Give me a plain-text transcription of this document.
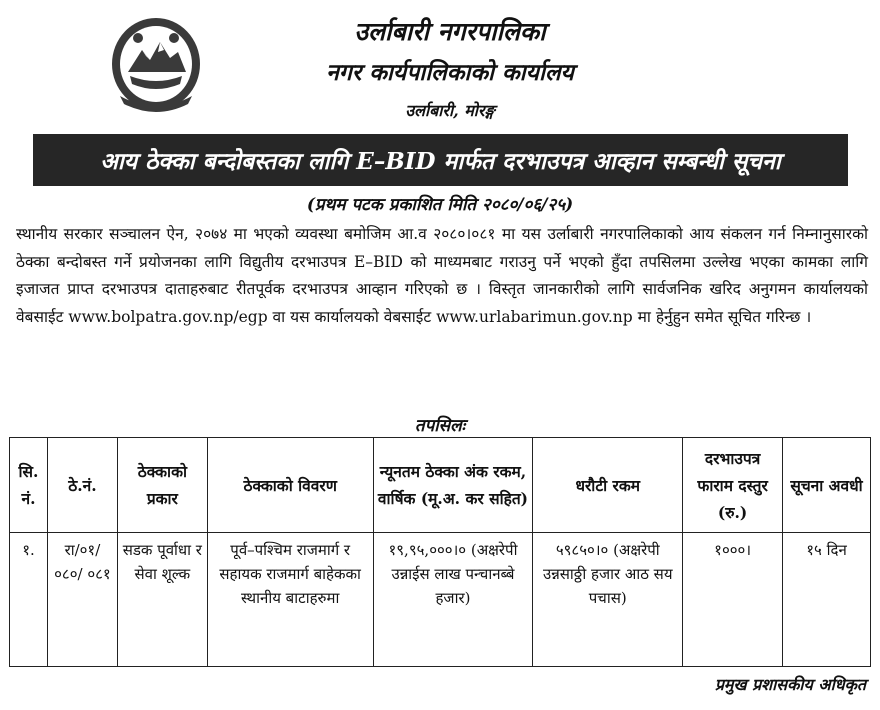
उर्लाबारी नगरपालिका
नगर कार्यपालिकाको कार्यालय
उर्लाबारी, मोरङ्ग
आय ठेक्का बन्दोबस्तका लागि E–BID मार्फत दरभाउपत्र आव्हान सम्बन्धी सूचना
(प्रथम पटक प्रकाशित मिति २०८०/०६/२५)

स्थानीय सरकार सञ्चालन ऐन, २०७४ मा भएको व्यवस्था बमोजिम आ.व २०८०।०८१ मा यस उर्लाबारी नगरपालिकाको आय संकलन गर्न निम्नानुसारको ठेक्का बन्दोबस्त गर्ने प्रयोजनका लागि विद्युतीय दरभाउपत्र E–BID को माध्यमबाट गराउनु पर्ने भएको हुँदा तपसिलमा उल्लेख भएका कामका लागि इजाजत प्राप्त दरभाउपत्र दाताहरुबाट रीतपूर्वक दरभाउपत्र आव्हान गरिएको छ । विस्तृत जानकारीको लागि सार्वजनिक खरिद अनुगमन कार्यालयको वेबसाईट www.bolpatra.gov.np/egp वा यस कार्यालयको वेबसाईट www.urlabarimun.gov.np मा हेर्नुहुन समेत सूचित गरिन्छ ।

तपसिलः
सि. नं.	ठे.नं.	ठेक्काको प्रकार	ठेक्काको विवरण	न्यूनतम ठेक्का अंक रकम, वार्षिक (मू.अ. कर सहित)	धरौटी रकम	दरभाउपत्र फाराम दस्तुर (रु.)	सूचना अवधी
१.	रा/०१/ ०८०/ ०८१	सडक पूर्वाधा र सेवा शूल्क	पूर्व–पश्चिम राजमार्ग र सहायक राजमार्ग बाहेकका स्थानीय बाटाहरुमा	१९,९५,०००।० (अक्षरेपी उन्नाईस लाख पन्चानब्बे हजार)	५९८५०।० (अक्षरेपी उन्नसाठ्ठी हजार आठ सय पचास)	१०००।	१५ दिन
प्रमुख प्रशासकीय अधिकृत
